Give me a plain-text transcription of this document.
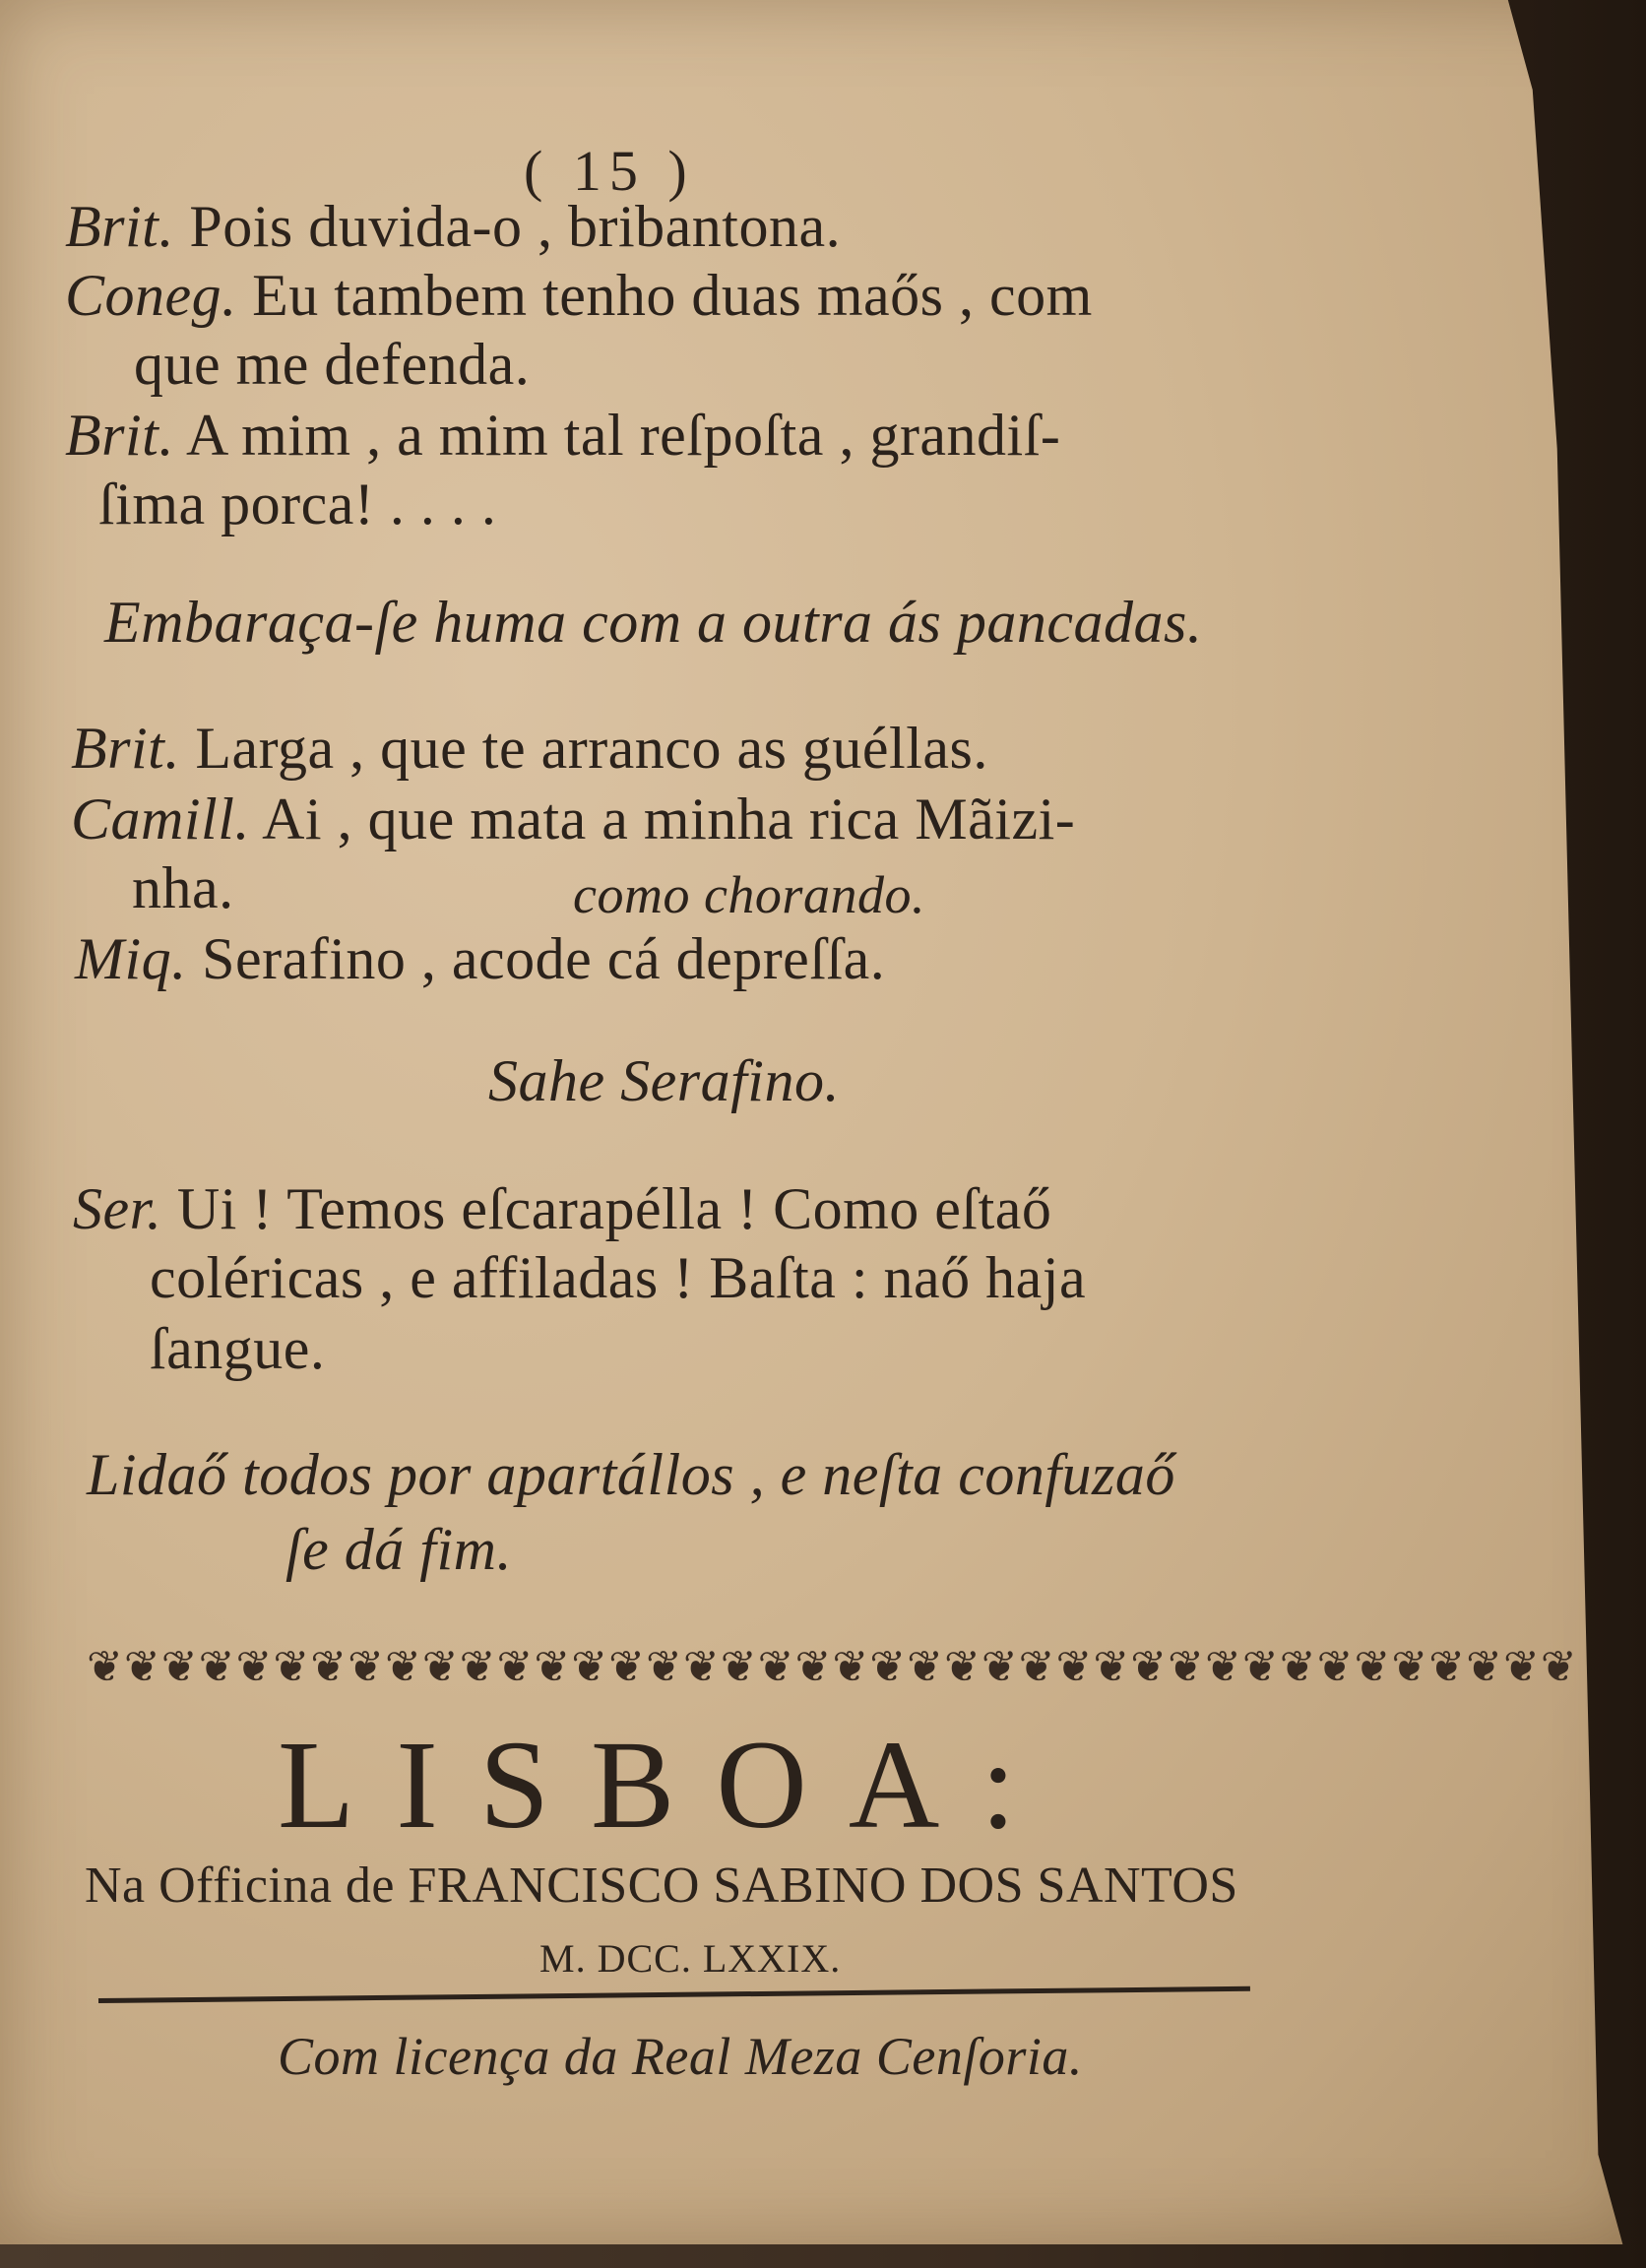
( 15 )
Brit. Pois duvida-o , bribantona.
Coneg. Eu tambem tenho duas maős , com
que me defenda.
Brit. A mim , a mim tal reſpoſta , grandiſ-
ſima porca! . . . .
Embaraça-ſe huma com a outra ás pancadas.
Brit. Larga , que te arranco as guéllas.
Camill. Ai , que mata a minha rica Mãizi-
nha.	como chorando.
Miq. Serafino , acode cá depreſſa.
Sahe Serafino.
Ser. Ui ! Temos eſcarapélla ! Como eſtaő
coléricas , e affiladas ! Baſta : naő haja
ſangue.
Lidaő todos por apartállos , e neſta confuzaő
ſe dá fim.
❦❦❦❦❦❦❦❦❦❦❦❦❦❦❦❦❦❦❦❦❦❦❦❦❦❦❦❦❦❦❦❦❦❦❦❦❦❦❦❦
LISBOA:
Na Officina de FRANCISCO SABINO DOS SANTOS
M. DCC. LXXIX.
Com licença da Real Meza Cenſoria.
